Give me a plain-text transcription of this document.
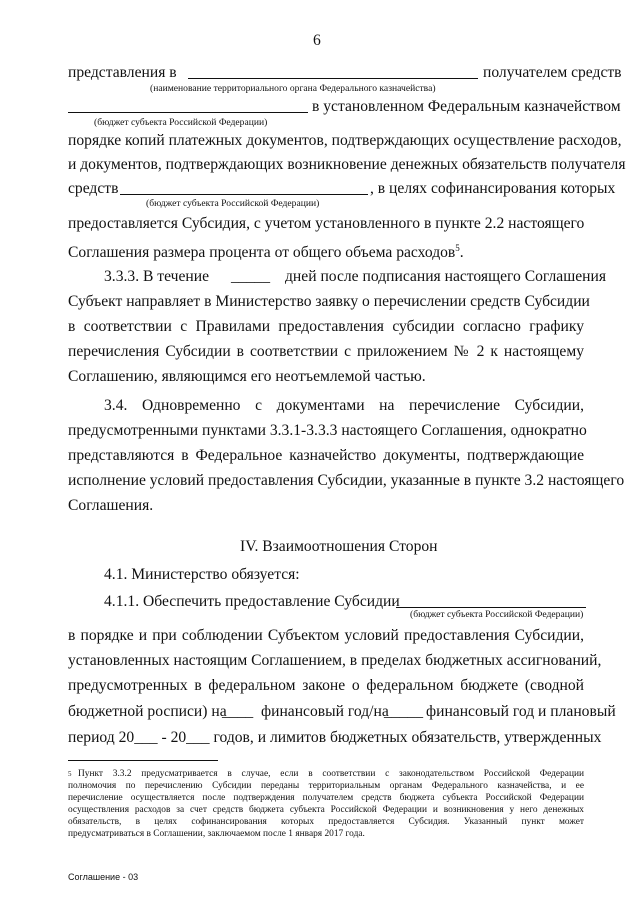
6
представления в	получателем средств
(наименование территориального органа Федерального казначейства)
в установленном Федеральным казначейством
(бюджет субъекта Российской Федерации)
порядке копий платежных документов, подтверждающих осуществление расходов,
и документов, подтверждающих возникновение денежных обязательств получателя
средств	, в целях софинансирования которых
(бюджет субъекта Российской Федерации)
предоставляется Субсидия, с учетом установленного в пункте 2.2 настоящего
Соглашения размера процента от общего объема расходов$^5$.
3.3.3. В течение _____ дней после подписания настоящего Соглашения
Субъект направляет в Министерство заявку о перечислении средств Субсидии
в соответствии с Правилами предоставления субсидии согласно графику
перечисления Субсидии в соответствии с приложением № 2 к настоящему
Соглашению, являющимся его неотъемлемой частью.
3.4. Одновременно с документами на перечисление Субсидии,
предусмотренными пунктами 3.3.1-3.3.3 настоящего Соглашения, однократно
представляются в Федеральное казначейство документы, подтверждающие
исполнение условий предоставления Субсидии, указанные в пункте 3.2 настоящего
Соглашения.
IV. Взаимоотношения Сторон
4.1. Министерство обязуется:
4.1.1. Обеспечить предоставление Субсидии
(бюджет субъекта Российской Федерации)
в порядке и при соблюдении Субъектом условий предоставления Субсидии,
установленных настоящим Соглашением, в пределах бюджетных ассигнований,
предусмотренных в федеральном законе о федеральном бюджете (сводной
бюджетной росписи) на
____ финансовый год/на
_____ финансовый год и плановый
период 20___ - 20___ годов, и лимитов бюджетных обязательств, утвержденных
$^5$ Пункт 3.3.2 предусматривается в случае, если в соответствии с законодательством Российской Федерации
полномочия по перечислению Субсидии переданы территориальным органам Федерального казначейства, и ее
перечисление осуществляется после подтверждения получателем средств бюджета субъекта Российской Федерации
осуществления расходов за счет средств бюджета субъекта Российской Федерации и возникновения у него денежных
обязательств, в целях софинансирования которых предоставляется Субсидия. Указанный пункт может
предусматриваться в Соглашении, заключаемом после 1 января 2017 года.
Соглашение - 03
